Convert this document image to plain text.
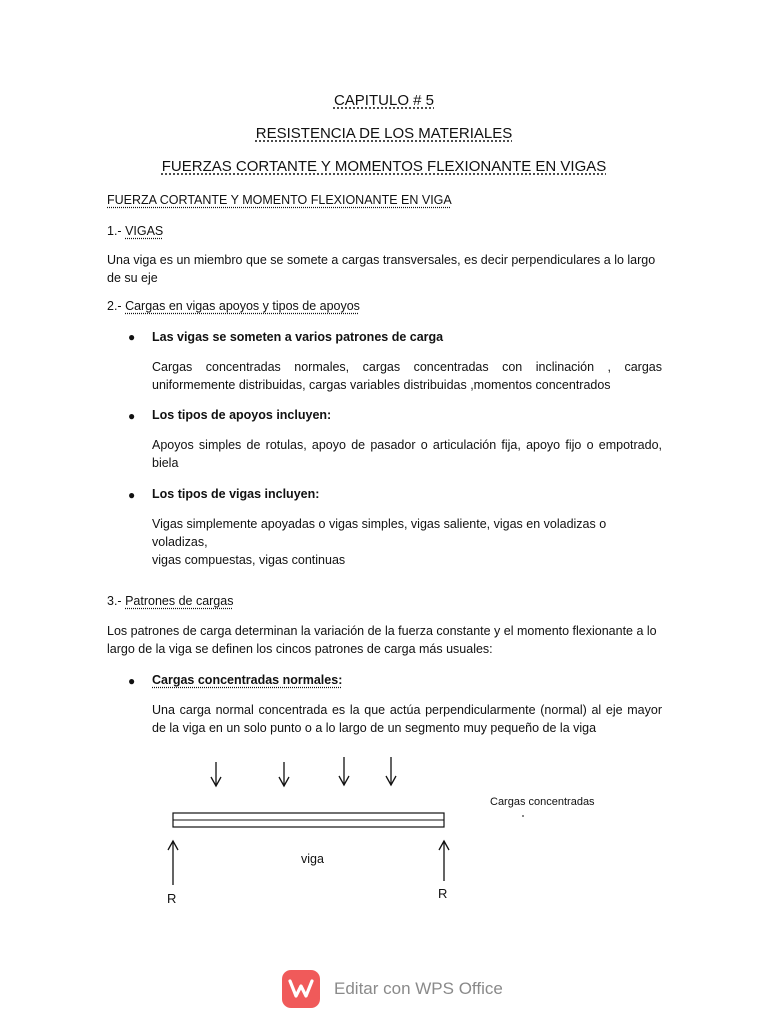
CAPITULO # 5
RESISTENCIA DE LOS MATERIALES
FUERZAS CORTANTE Y MOMENTOS FLEXIONANTE EN VIGAS
FUERZA CORTANTE Y MOMENTO FLEXIONANTE EN VIGA
1.- VIGAS
Una viga es un miembro que se somete a cargas transversales, es decir perpendiculares a lo largo
de su eje
2.- Cargas en vigas apoyos y tipos de apoyos
● Las vigas se someten a varios patrones de carga
Cargas concentradas normales, cargas concentradas con inclinación , cargas
uniformemente distribuidas, cargas variables distribuidas ,momentos concentrados
● Los tipos de apoyos incluyen:
Apoyos simples de rotulas, apoyo de pasador o articulación fija, apoyo fijo o empotrado,
biela
● Los tipos de vigas incluyen:
Vigas simplemente apoyadas o vigas simples, vigas saliente, vigas en voladizas o voladizas,
vigas compuestas, vigas continuas
3.- Patrones de cargas
Los patrones de carga determinan la variación de la fuerza constante y el momento flexionante a lo
largo de la viga se definen los cincos patrones de carga más usuales:
● Cargas concentradas normales:
Una carga normal concentrada es la que actúa perpendicularmente (normal) al eje mayor
de la viga en un solo punto o a lo largo de un segmento muy pequeño de la viga
Cargas concentradas
viga
R	R
Editar con WPS Office
